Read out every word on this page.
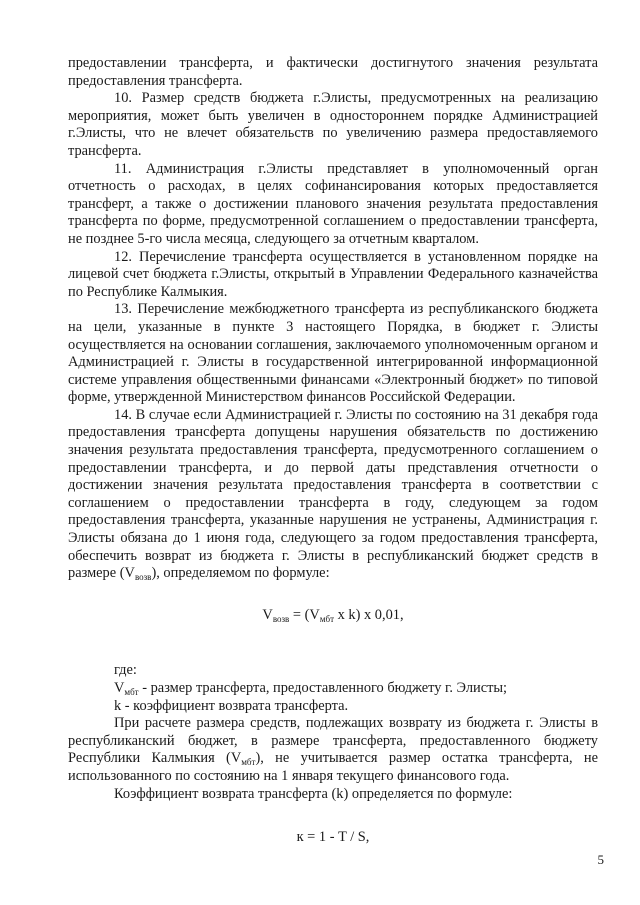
предоставлении трансферта, и фактически достигнутого значения результата предоставления трансферта.

10. Размер средств бюджета г.Элисты, предусмотренных на реализацию мероприятия, может быть увеличен в одностороннем порядке Администрацией г.Элисты, что не влечет обязательств по увеличению размера предоставляемого трансферта.

11. Администрация г.Элисты представляет в уполномоченный орган отчетность о расходах, в целях софинансирования которых предоставляется трансферт, а также о достижении планового значения результата предоставления трансферта по форме, предусмотренной соглашением о предоставлении трансферта, не позднее 5-го числа месяца, следующего за отчетным кварталом.

12. Перечисление трансферта осуществляется в установленном порядке на лицевой счет бюджета г.Элисты, открытый в Управлении Федерального казначейства по Республике Калмыкия.

13. Перечисление межбюджетного трансферта из республиканского бюджета на цели, указанные в пункте 3 настоящего Порядка, в бюджет г. Элисты осуществляется на основании соглашения, заключаемого уполномоченным органом и Администрацией г. Элисты в государственной интегрированной информационной системе управления общественными финансами «Электронный бюджет» по типовой форме, утвержденной Министерством финансов Российской Федерации.

14. В случае если Администрацией г. Элисты по состоянию на 31 декабря года предоставления трансферта допущены нарушения обязательств по достижению значения результата предоставления трансферта, предусмотренного соглашением о предоставлении трансферта, и до первой даты представления отчетности о достижении значения результата предоставления трансферта в соответствии с соглашением о предоставлении трансферта в году, следующем за годом предоставления трансферта, указанные нарушения не устранены, Администрация г. Элисты обязана до 1 июня года, следующего за годом предоставления трансферта, обеспечить возврат из бюджета г. Элисты в республиканский бюджет средств в размере $(V_{возв})$, определяемом по формуле:

$V_{возв} = (V_{мбт}$ x k) x 0,01,

где:

$V_{мбт}$ - размер трансферта, предоставленного бюджету г. Элисты;

k - коэффициент возврата трансферта.

При расчете размера средств, подлежащих возврату из бюджета г. Элисты в республиканский бюджет, в размере трансферта, предоставленного бюджету Республики Калмыкия $(V_{мбт})$, не учитывается размер остатка трансферта, не использованного по состоянию на 1 января текущего финансового года.

Коэффициент возврата трансферта (k) определяется по формуле:

к = 1 - T / S,
5
